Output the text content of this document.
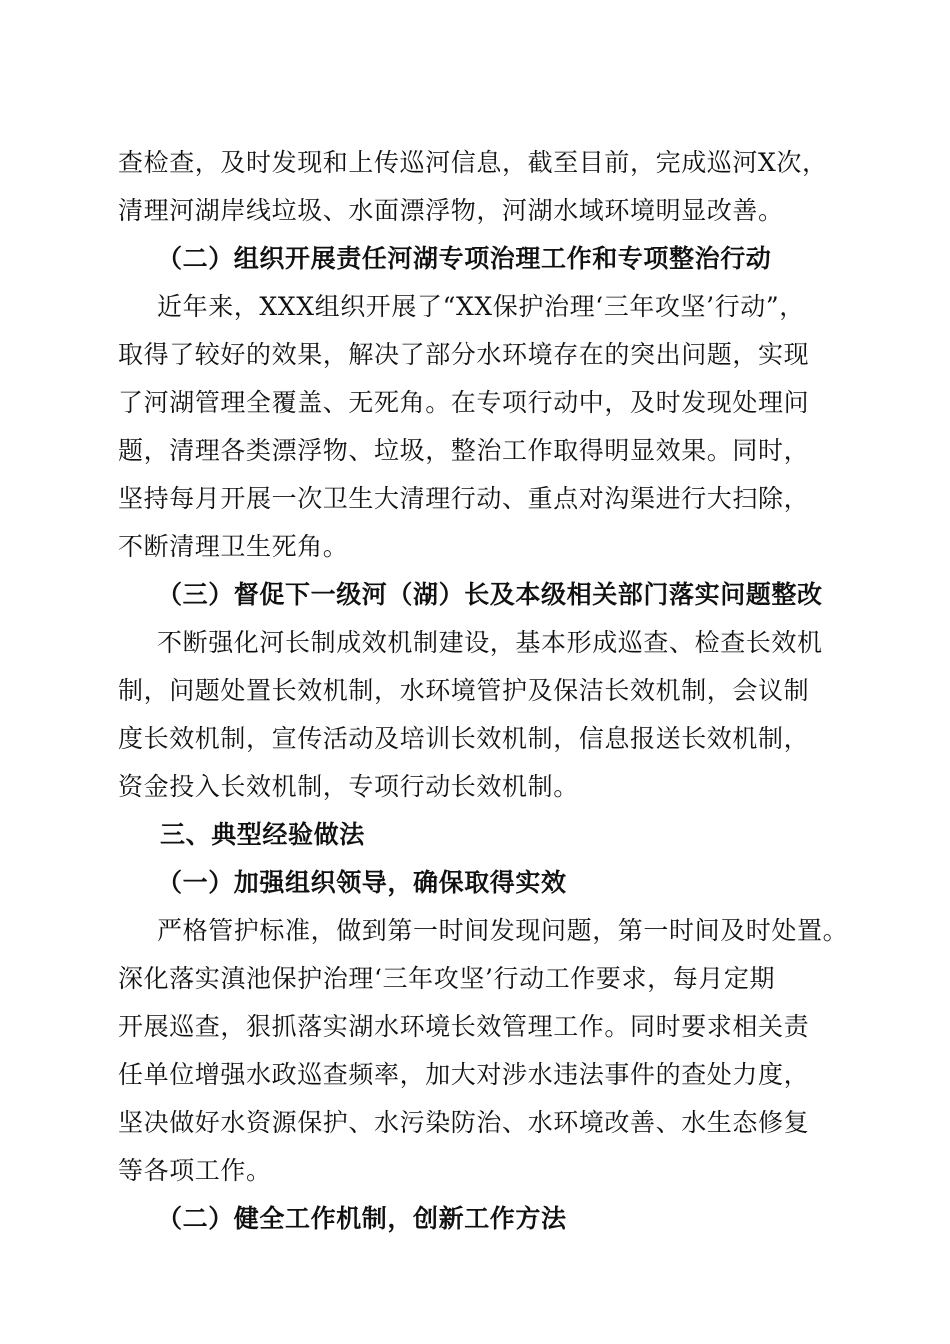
查检查，及时发现和上传巡河信息，截至目前，完成巡河X次，
清理河湖岸线垃圾、水面漂浮物，河湖水域环境明显改善。
（二）组织开展责任河湖专项治理工作和专项整治行动
近年来，XXX组织开展了“XX保护治理‘三年攻坚’行动”，
取得了较好的效果，解决了部分水环境存在的突出问题，实现
了河湖管理全覆盖、无死角。在专项行动中，及时发现处理问
题，清理各类漂浮物、垃圾，整治工作取得明显效果。同时，
坚持每月开展一次卫生大清理行动、重点对沟渠进行大扫除，
不断清理卫生死角。
（三）督促下一级河（湖）长及本级相关部门落实问题整改
不断强化河长制成效机制建设，基本形成巡查、检查长效机
制，问题处置长效机制，水环境管护及保洁长效机制，会议制
度长效机制，宣传活动及培训长效机制，信息报送长效机制，
资金投入长效机制，专项行动长效机制。
三、典型经验做法
（一）加强组织领导，确保取得实效
严格管护标准，做到第一时间发现问题，第一时间及时处置。
深化落实滇池保护治理‘三年攻坚’行动工作要求，每月定期
开展巡查，狠抓落实湖水环境长效管理工作。同时要求相关责
任单位增强水政巡查频率，加大对涉水违法事件的查处力度，
坚决做好水资源保护、水污染防治、水环境改善、水生态修复
等各项工作。
（二）健全工作机制，创新工作方法
